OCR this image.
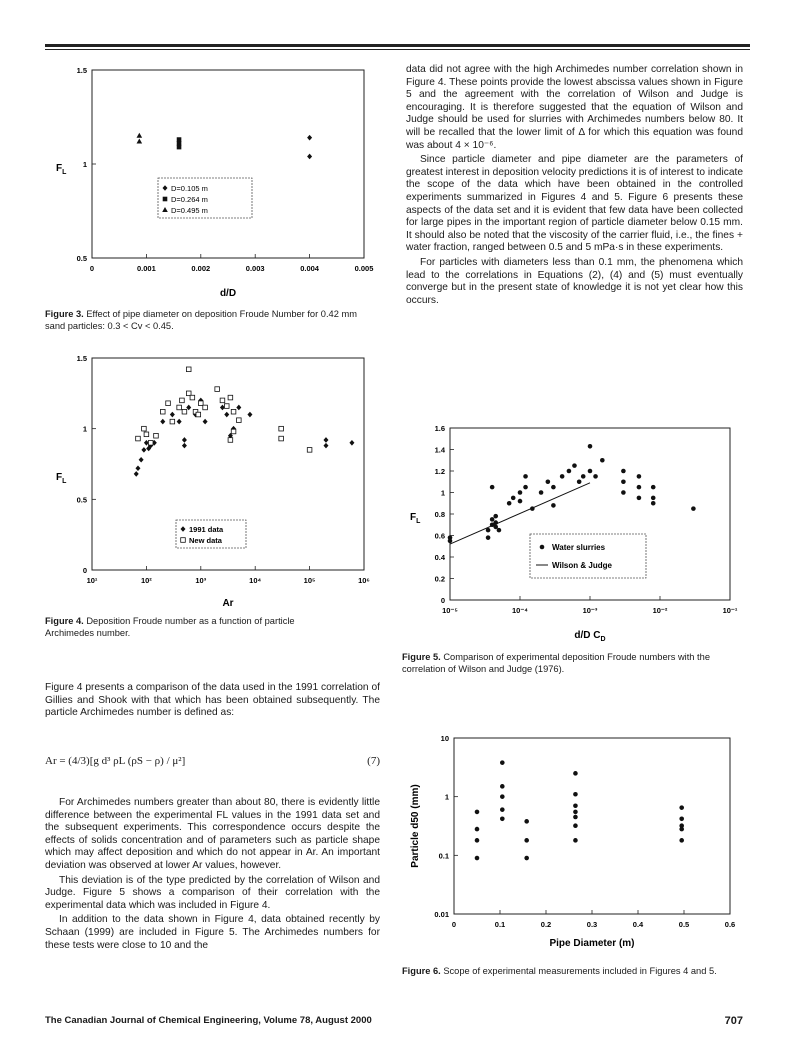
0	0.001	0.002	0.003	0.004	0.005
0.5
1
1.5
$F_L$
d/D
D=0.105 m
D=0.264 m
D=0.495 m
Figure 3. Effect of pipe diameter on deposition Froude Number for 0.42 mm sand particles: 0.3 < Cv < 0.45.
10¹	10²	10³	10⁴	10⁵	10⁶
0
0.5
1
1.5
$F_L$
Ar
1991 data
New data
Figure 4. Deposition Froude number as a function of particle Archimedes number.

Figure 4 presents a comparison of the data used in the 1991 correlation of Gillies and Shook with that which has been obtained subsequently. The particle Archimedes number is defined as:

Ar = (4/3)[g d³ ρL (ρS − ρ) / μ²]	(7)

For Archimedes numbers greater than about 80, there is evidently little difference between the experimental FL values in the 1991 data set and the subsequent experiments. This correspondence occurs despite the effects of solids concentration and of parameters such as particle shape which may affect deposition and which do not appear in Ar. An important deviation was observed at lower Ar values, however.

This deviation is of the type predicted by the correlation of Wilson and Judge. Figure 5 shows a comparison of their correlation with the experimental data which was included in Figure 4.

In addition to the data shown in Figure 4, data obtained recently by Schaan (1999) are included in Figure 5. The Archimedes numbers for these tests were close to 10 and the

data did not agree with the high Archimedes number correlation shown in Figure 4. These points provide the lowest abscissa values shown in Figure 5 and the agreement with the correlation of Wilson and Judge is encouraging. It is therefore suggested that the equation of Wilson and Judge should be used for slurries with Archimedes numbers below 80. It will be recalled that the lower limit of Δ for which this equation was found was about 4 × 10⁻⁶.

Since particle diameter and pipe diameter are the parameters of greatest interest in deposition velocity predictions it is of interest to indicate the scope of the data which have been obtained in the controlled experiments summarized in Figures 4 and 5. Figure 6 presents these aspects of the data set and it is evident that few data have been collected for large pipes in the important region of particle diameter below 0.15 mm. It should also be noted that the viscosity of the carrier fluid, i.e., the fines + water fraction, ranged between 0.5 and 5 mPa·s in these experiments.

For particles with diameters less than 0.1 mm, the phenomena which lead to the correlations in Equations (2), (4) and (5) must eventually converge but in the present state of knowledge it is not yet clear how this occurs.

10⁻⁵	10⁻⁴	10⁻³	10⁻²	10⁻¹
0
0.2
0.4
0.6
0.8
1
1.2
1.4
1.6
$F_L$
d/D $C_D$
Water slurries
Wilson & Judge
Figure 5. Comparison of experimental deposition Froude numbers with the correlation of Wilson and Judge (1976).
0	0.1	0.2	0.3	0.4	0.5	0.6
0.01
0.1
1
10
Particle d50 (mm)
Pipe Diameter (m)
Figure 6. Scope of experimental measurements included in Figures 4 and 5.
The Canadian Journal of Chemical Engineering, Volume 78, August 2000	707
